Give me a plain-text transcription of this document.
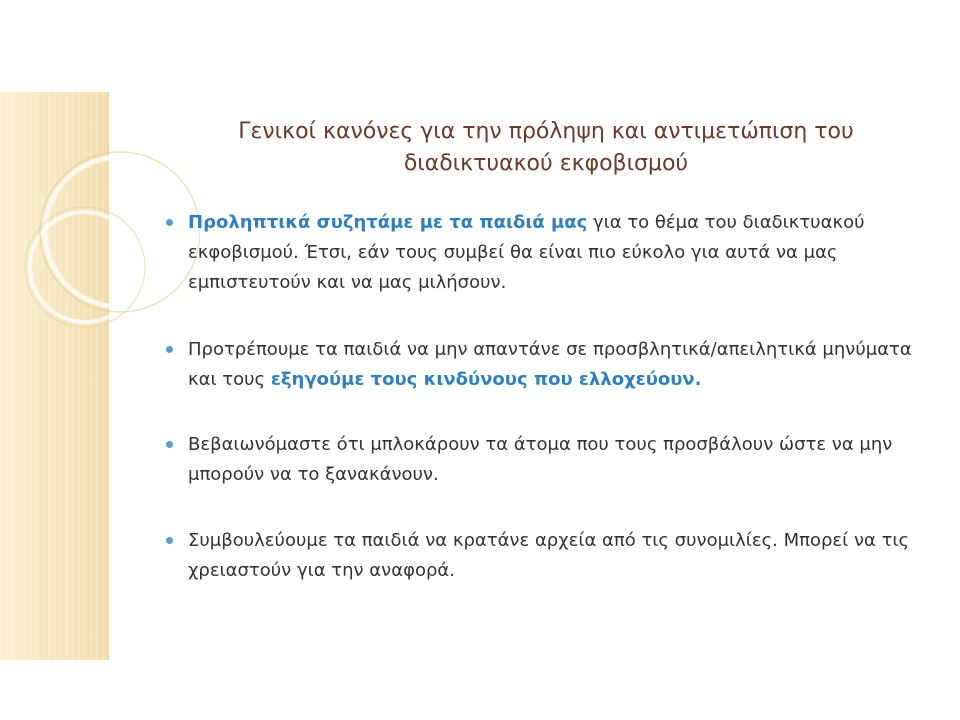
Γενικοί κανόνες για την πρόληψη και αντιμετώπιση του διαδικτυακού εκφοβισμού
Προληπτικά συζητάμε με τα παιδιά μας για το θέμα του διαδικτυακού εκφοβισμού. Έτσι, εάν τους συμβεί θα είναι πιο εύκολο για αυτά να μας εμπιστευτούν και να μας μιλήσουν.
Προτρέπουμε τα παιδιά να μην απαντάνε σε προσβλητικά/απειλητικά μηνύματα και τους εξηγούμε τους κινδύνους που ελλοχεύουν.
Βεβαιωνόμαστε ότι μπλοκάρουν τα άτομα που τους προσβάλουν ώστε να μην μπορούν να το ξανακάνουν.
Συμβουλεύουμε τα παιδιά να κρατάνε αρχεία από τις συνομιλίες. Μπορεί να τις χρειαστούν για την αναφορά.
